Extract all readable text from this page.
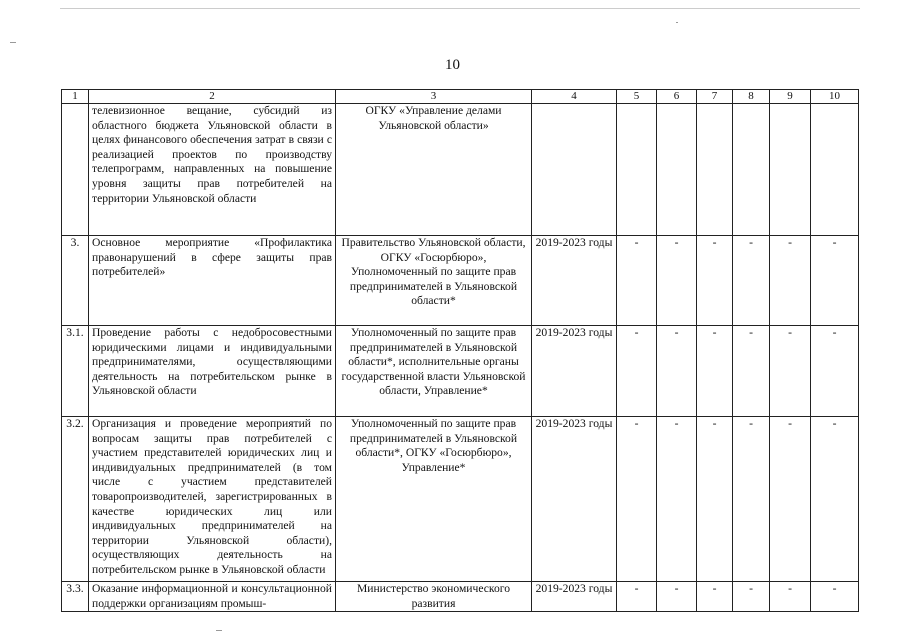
10
1	2	3	4	5	6	7	8	9	10
	телевизионное вещание, субсидий из областного бюджета Ульяновской области в целях финансового обеспечения затрат в связи с реализацией проектов по производству телепрограмм, направленных на повышение уровня защиты прав потребителей на территории Ульяновской области	ОГКУ «Управление делами Ульяновской области»							
3.	Основное мероприятие «Профилактика правонарушений в сфере защиты прав потребителей»	Правительство Ульяновской области, ОГКУ «Госюрбюро», Уполномоченный по защите прав предпринимателей в Ульяновской области*	2019-2023 годы	-	-	-	-	-	-
3.1.	Проведение работы с недобросовестными юридическими лицами и индивидуальными предпринимателями, осуществляющими деятельность на потребительском рынке в Ульяновской области	Уполномоченный по защите прав предпринимателей в Ульяновской области*, исполнительные органы государственной власти Ульяновской области, Управление*	2019-2023 годы	-	-	-	-	-	-
3.2.	Организация и проведение мероприятий по вопросам защиты прав потребителей с участием представителей юридических лиц и индивидуальных предпринимателей (в том числе с участием представителей товаропроизводителей, зарегистрированных в качестве юридических лиц или индивидуальных предпринимателей на территории Ульяновской области), осуществляющих деятельность на потребительском рынке в Ульяновской области	Уполномоченный по защите прав предпринимателей в Ульяновской области*, ОГКУ «Госюрбюро», Управление*	2019-2023 годы	-	-	-	-	-	-
3.3.	Оказание информационной и консультационной поддержки организациям промыш-	Министерство экономического развития	2019-2023 годы	-	-	-	-	-	-
